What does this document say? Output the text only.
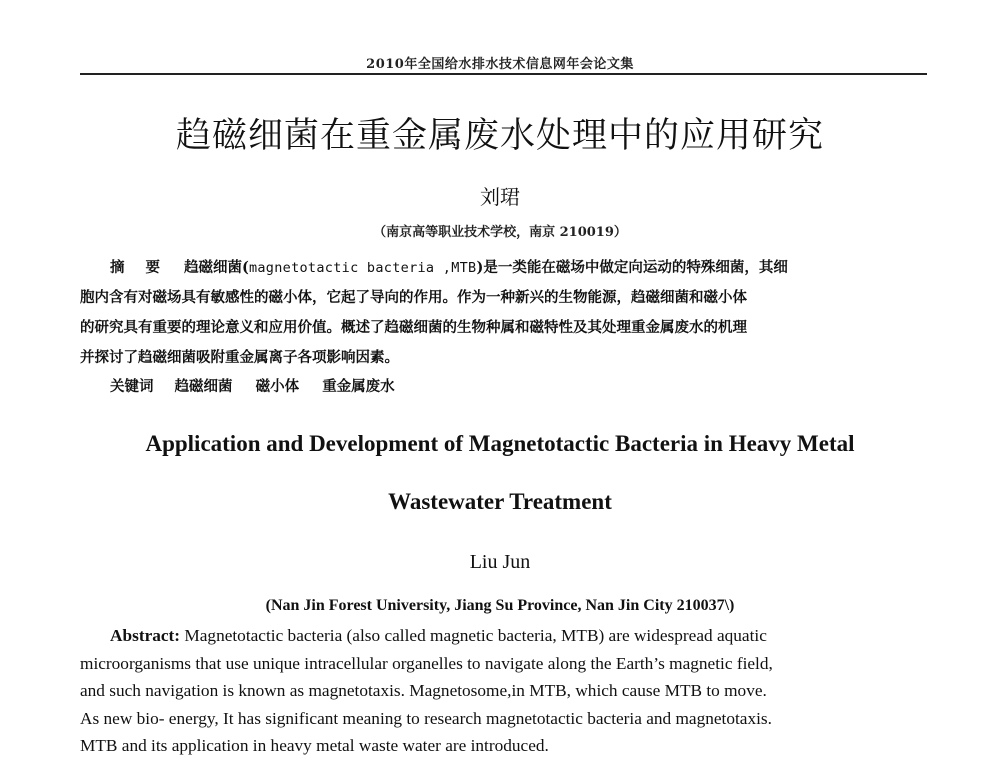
2010年全国给水排水技术信息网年会论文集
趋磁细菌在重金属废水处理中的应用研究
刘珺
（南京高等职业技术学校，南京 210019）
摘 要 趋磁细菌(magnetotactic bacteria ,MTB)是一类能在磁场中做定向运动的特殊细菌，其细
胞内含有对磁场具有敏感性的磁小体，它起了导向的作用。作为一种新兴的生物能源，趋磁细菌和磁小体
的研究具有重要的理论意义和应用价值。概述了趋磁细菌的生物种属和磁特性及其处理重金属废水的机理
并探讨了趋磁细菌吸附重金属离子各项影响因素。
关键词 趋磁细菌 磁小体 重金属废水
Application and Development of Magnetotactic Bacteria in Heavy Metal
Wastewater Treatment
Liu Jun
(Nan Jin Forest University, Jiang Su Province, Nan Jin City 210037\)
Abstract: Magnetotactic bacteria (also called magnetic bacteria, MTB) are widespread aquatic
microorganisms that use unique intracellular organelles to navigate along the Earth’s magnetic field,
and such navigation is known as magnetotaxis. Magnetosome,in MTB, which cause MTB to move.
As new bio- energy, It has significant meaning to research magnetotactic bacteria and magnetotaxis.
MTB and its application in heavy metal waste water are introduced.
